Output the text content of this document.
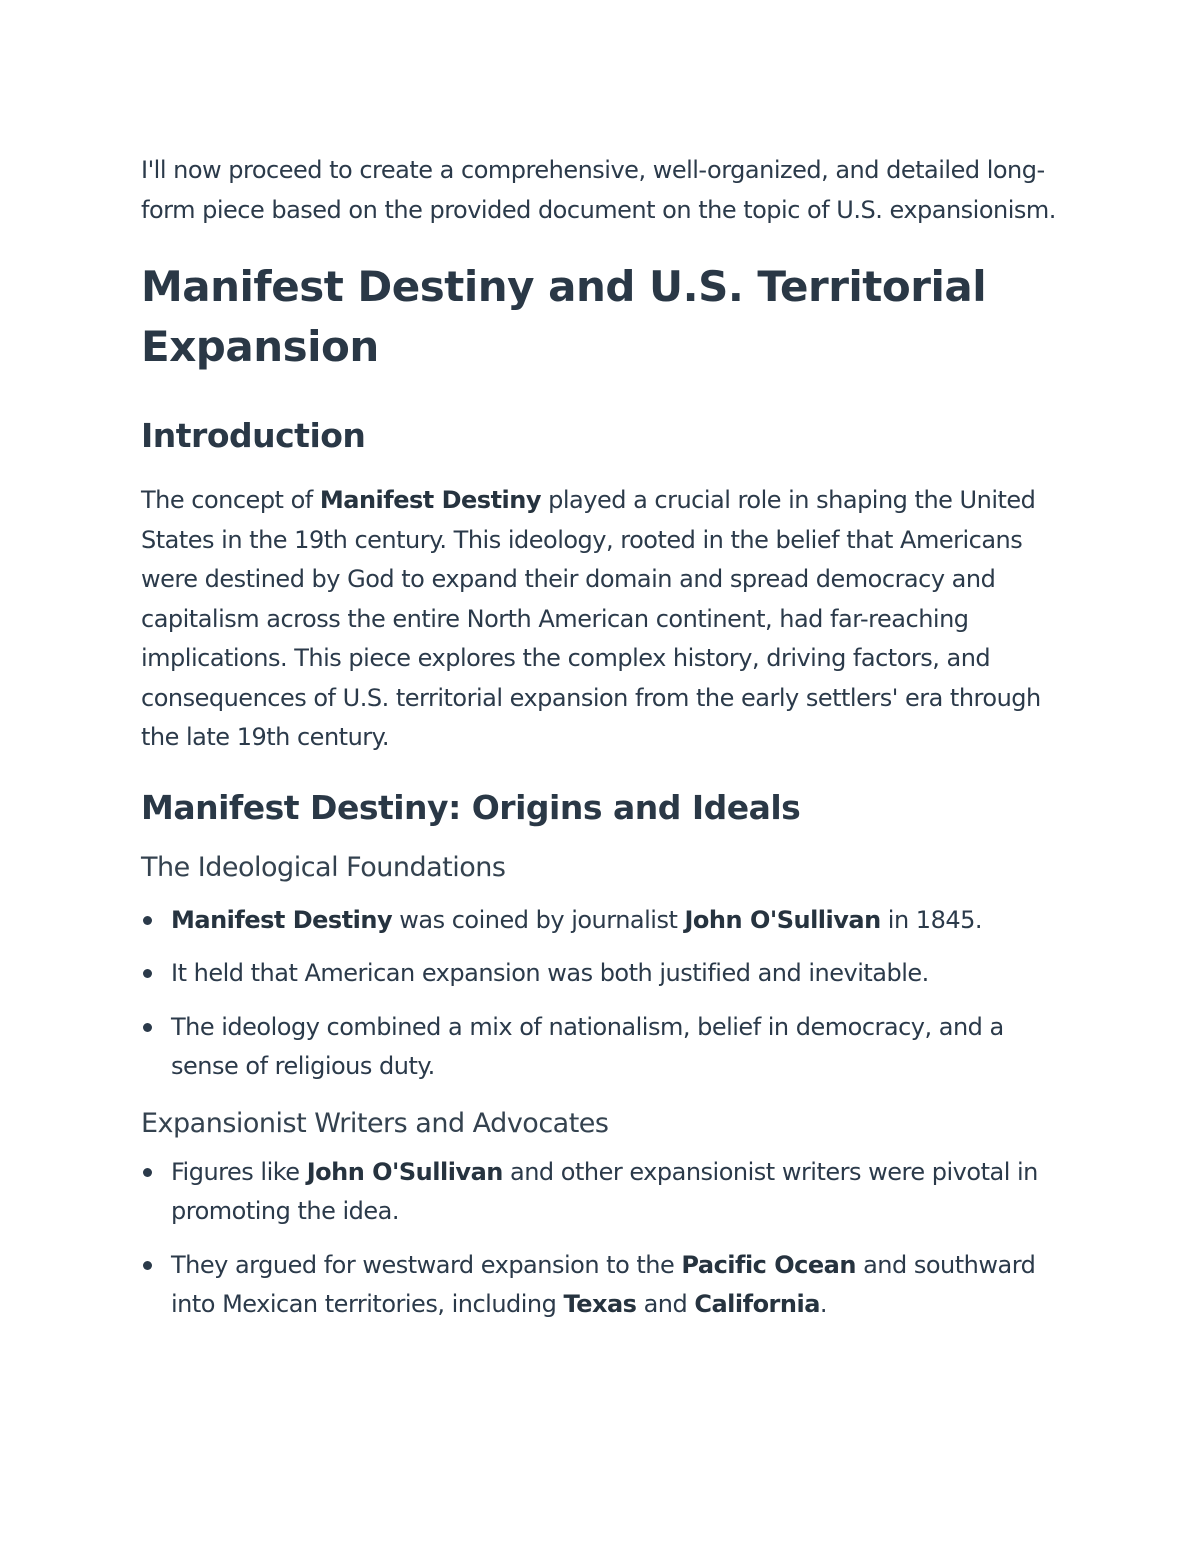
I'll now proceed to create a comprehensive, well-organized, and detailed long-form piece based on the provided document on the topic of U.S. expansionism.

Manifest Destiny and U.S. Territorial Expansion
Introduction

The concept of Manifest Destiny played a crucial role in shaping the United States in the 19th century. This ideology, rooted in the belief that Americans were destined by God to expand their domain and spread democracy and capitalism across the entire North American continent, had far-reaching implications. This piece explores the complex history, driving factors, and consequences of U.S. territorial expansion from the early settlers' era through the late 19th century.

Manifest Destiny: Origins and Ideals
The Ideological Foundations
Manifest Destiny was coined by journalist John O'Sullivan in 1845.
It held that American expansion was both justified and inevitable.
The ideology combined a mix of nationalism, belief in democracy, and a sense of religious duty.
Expansionist Writers and Advocates
Figures like John O'Sullivan and other expansionist writers were pivotal in promoting the idea.
They argued for westward expansion to the Pacific Ocean and southward into Mexican territories, including Texas and California.
